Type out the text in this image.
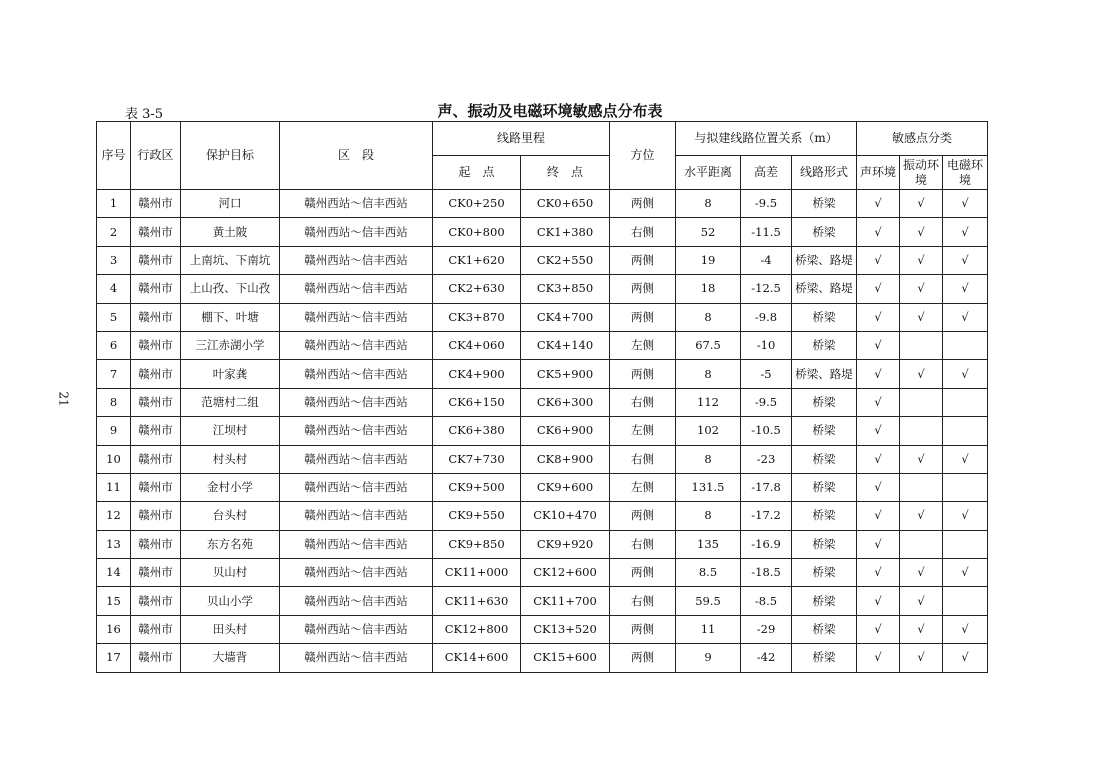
21
表 3-5	声、振动及电磁环境敏感点分布表
序号	行政区	保护目标	区　段	线路里程		方位	与拟建线路位置关系（m）			敏感点分类		
				起　点	终　点		水平距离	高差	线路形式	声环境	振动环境	电磁环境
1	赣州市	河口	赣州西站～信丰西站	CK0+250	CK0+650	两侧	8	-9.5	桥梁	√	√	√
2	赣州市	黄土陂	赣州西站～信丰西站	CK0+800	CK1+380	右侧	52	-11.5	桥梁	√	√	√
3	赣州市	上南坑、下南坑	赣州西站～信丰西站	CK1+620	CK2+550	两侧	19	-4	桥梁、路堤	√	√	√
4	赣州市	上山孜、下山孜	赣州西站～信丰西站	CK2+630	CK3+850	两侧	18	-12.5	桥梁、路堤	√	√	√
5	赣州市	棚下、叶塘	赣州西站～信丰西站	CK3+870	CK4+700	两侧	8	-9.8	桥梁	√	√	√
6	赣州市	三江赤湖小学	赣州西站～信丰西站	CK4+060	CK4+140	左侧	67.5	-10	桥梁	√		
7	赣州市	叶家龚	赣州西站～信丰西站	CK4+900	CK5+900	两侧	8	-5	桥梁、路堤	√	√	√
8	赣州市	范塘村二组	赣州西站～信丰西站	CK6+150	CK6+300	右侧	112	-9.5	桥梁	√		
9	赣州市	江坝村	赣州西站～信丰西站	CK6+380	CK6+900	左侧	102	-10.5	桥梁	√		
10	赣州市	村头村	赣州西站～信丰西站	CK7+730	CK8+900	右侧	8	-23	桥梁	√	√	√
11	赣州市	金村小学	赣州西站～信丰西站	CK9+500	CK9+600	左侧	131.5	-17.8	桥梁	√		
12	赣州市	台头村	赣州西站～信丰西站	CK9+550	CK10+470	两侧	8	-17.2	桥梁	√	√	√
13	赣州市	东方名苑	赣州西站～信丰西站	CK9+850	CK9+920	右侧	135	-16.9	桥梁	√		
14	赣州市	贝山村	赣州西站～信丰西站	CK11+000	CK12+600	两侧	8.5	-18.5	桥梁	√	√	√
15	赣州市	贝山小学	赣州西站～信丰西站	CK11+630	CK11+700	右侧	59.5	-8.5	桥梁	√	√	
16	赣州市	田头村	赣州西站～信丰西站	CK12+800	CK13+520	两侧	11	-29	桥梁	√	√	√
17	赣州市	大墙背	赣州西站～信丰西站	CK14+600	CK15+600	两侧	9	-42	桥梁	√	√	√
